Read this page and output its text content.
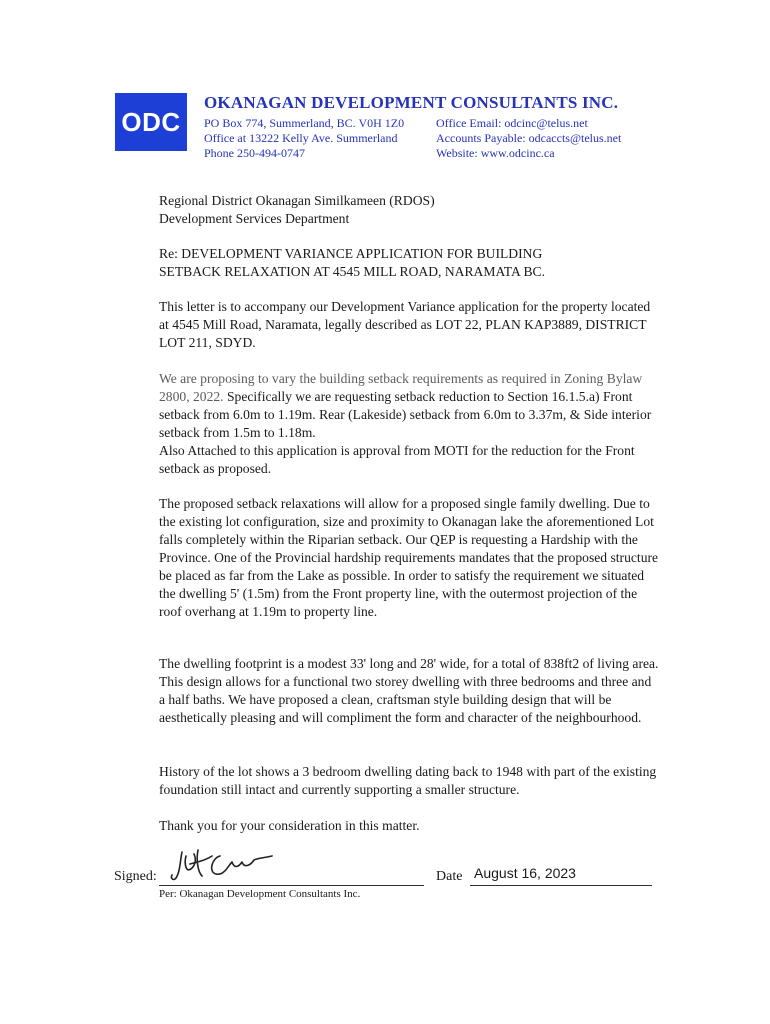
ODC
OKANAGAN DEVELOPMENT CONSULTANTS INC.
PO Box 774, Summerland, BC. V0H 1Z0
Office at 13222 Kelly Ave. Summerland
Phone 250-494-0747
Office Email: odcinc@telus.net
Accounts Payable: odcaccts@telus.net
Website: www.odcinc.ca
Regional District Okanagan Similkameen (RDOS)
Development Services Department
Re: DEVELOPMENT VARIANCE APPLICATION FOR BUILDING
SETBACK RELAXATION AT 4545 MILL ROAD, NARAMATA BC.

This letter is to accompany our Development Variance application for the property located at 4545 Mill Road, Naramata, legally described as LOT 22, PLAN KAP3889, DISTRICT LOT 211, SDYD.

We are proposing to vary the building setback requirements as required in Zoning Bylaw 2800, 2022. Specifically we are requesting setback reduction to Section 16.1.5.a) Front setback from 6.0m to 1.19m. Rear (Lakeside) setback from 6.0m to 3.37m, & Side interior setback from 1.5m to 1.18m.
Also Attached to this application is approval from MOTI for the reduction for the Front setback as proposed.

The proposed setback relaxations will allow for a proposed single family dwelling. Due to the existing lot configuration, size and proximity to Okanagan lake the aforementioned Lot falls completely within the Riparian setback. Our QEP is requesting a Hardship with the Province. One of the Provincial hardship requirements mandates that the proposed structure be placed as far from the Lake as possible. In order to satisfy the requirement we situated the dwelling 5' (1.5m) from the Front property line, with the outermost projection of the roof overhang at 1.19m to property line.

The dwelling footprint is a modest 33' long and 28' wide, for a total of 838ft2 of living area. This design allows for a functional two storey dwelling with three bedrooms and three and a half baths. We have proposed a clean, craftsman style building design that will be aesthetically pleasing and will compliment the form and character of the neighbourhood.

History of the lot shows a 3 bedroom dwelling dating back to 1948 with part of the existing foundation still intact and currently supporting a smaller structure.

Thank you for your consideration in this matter.

Signed:	Date August 16, 2023
Per: Okanagan Development Consultants Inc.
